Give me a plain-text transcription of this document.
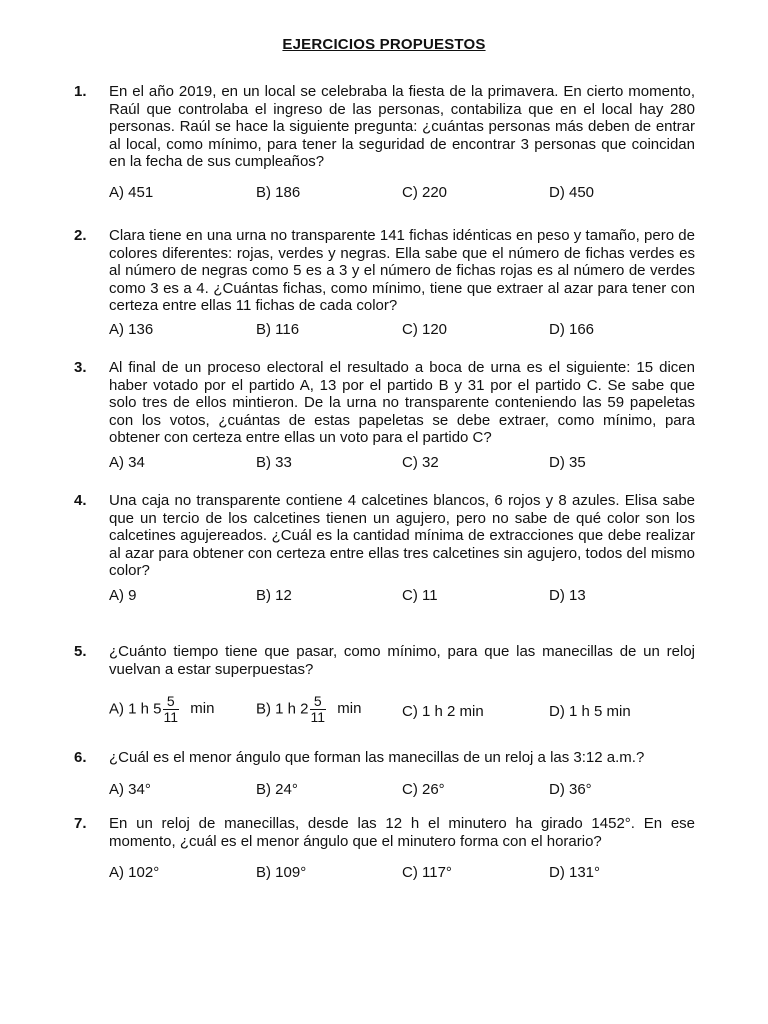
EJERCICIOS PROPUESTOS
1. En el año 2019, en un local se celebraba la fiesta de la primavera. En cierto momento, Raúl que controlaba el ingreso de las personas, contabiliza que en el local hay 280 personas. Raúl se hace la siguiente pregunta: ¿cuántas personas más deben de entrar al local, como mínimo, para tener la seguridad de encontrar 3 personas que coincidan en la fecha de sus cumpleaños?
A) 451	B) 186	C) 220	D) 450
2. Clara tiene en una urna no transparente 141 fichas idénticas en peso y tamaño, pero de colores diferentes: rojas, verdes y negras. Ella sabe que el número de fichas verdes es al número de negras como 5 es a 3 y el número de fichas rojas es al número de verdes como 3 es a 4. ¿Cuántas fichas, como mínimo, tiene que extraer al azar para tener con certeza entre ellas 11 fichas de cada color?
A) 136	B) 116	C) 120	D) 166
3. Al final de un proceso electoral el resultado a boca de urna es el siguiente: 15 dicen haber votado por el partido A, 13 por el partido B y 31 por el partido C. Se sabe que solo tres de ellos mintieron. De la urna no transparente conteniendo las 59 papeletas con los votos, ¿cuántas de estas papeletas se debe extraer, como mínimo, para obtener con certeza entre ellas un voto para el partido C?
A) 34	B) 33	C) 32	D) 35
4. Una caja no transparente contiene 4 calcetines blancos, 6 rojos y 8 azules. Elisa sabe que un tercio de los calcetines tienen un agujero, pero no sabe de qué color son los calcetines agujereados. ¿Cuál es la cantidad mínima de extracciones que debe realizar al azar para obtener con certeza entre ellas tres calcetines sin agujero, todos del mismo color?
A) 9	B) 12	C) 11	D) 13
5. ¿Cuánto tiempo tiene que pasar, como mínimo, para que las manecillas de un reloj vuelvan a estar superpuestas?
A) 1 h $5 \frac{5}{11}$ min	B) 1 h $2 \frac{5}{11}$ min	C) 1 h 2 min	D) 1 h 5 min
6. ¿Cuál es el menor ángulo que forman las manecillas de un reloj a las 3:12 a.m.?
A) 34°	B) 24°	C) 26°	D) 36°
7. En un reloj de manecillas, desde las 12 h el minutero ha girado 1452°. En ese momento, ¿cuál es el menor ángulo que el minutero forma con el horario?
A) 102°	B) 109°	C) 117°	D) 131°
